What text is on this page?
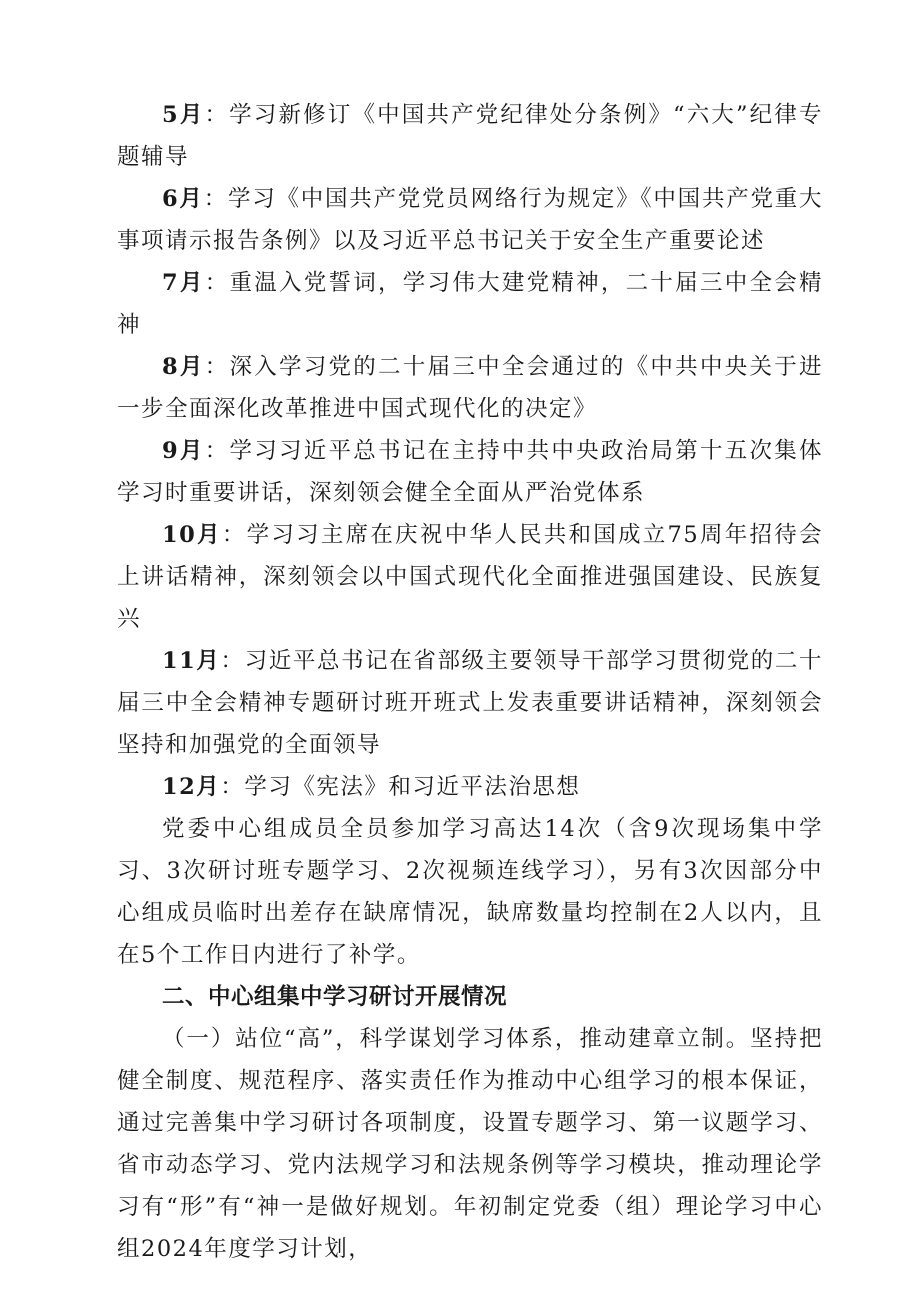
5月：学习新修订《中国共产党纪律处分条例》“六大”纪律专题辅导

6月：学习《中国共产党党员网络行为规定》《中国共产党重大事项请示报告条例》以及习近平总书记关于安全生产重要论述

7月：重温入党誓词，学习伟大建党精神，二十届三中全会精神

8月：深入学习党的二十届三中全会通过的《中共中央关于进一步全面深化改革推进中国式现代化的决定》

9月：学习习近平总书记在主持中共中央政治局第十五次集体学习时重要讲话，深刻领会健全全面从严治党体系

10月：学习习主席在庆祝中华人民共和国成立75周年招待会上讲话精神，深刻领会以中国式现代化全面推进强国建设、民族复兴

11月：习近平总书记在省部级主要领导干部学习贯彻党的二十届三中全会精神专题研讨班开班式上发表重要讲话精神，深刻领会坚持和加强党的全面领导

12月：学习《宪法》和习近平法治思想

党委中心组成员全员参加学习高达14次（含9次现场集中学习、3次研讨班专题学习、2次视频连线学习），另有3次因部分中心组成员临时出差存在缺席情况，缺席数量均控制在2人以内，且在5个工作日内进行了补学。

二、中心组集中学习研讨开展情况

（一）站位“高”，科学谋划学习体系，推动建章立制。坚持把健全制度、规范程序、落实责任作为推动中心组学习的根本保证，通过完善集中学习研讨各项制度，设置专题学习、第一议题学习、省市动态学习、党内法规学习和法规条例等学习模块，推动理论学习有“形”有“神一是做好规划。年初制定党委（组）理论学习中心组2024年度学习计划，
